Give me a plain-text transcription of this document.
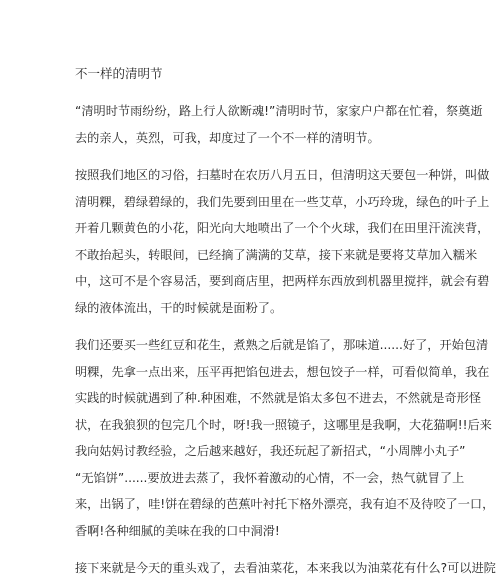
不一样的清明节
“清明时节雨纷纷，路上行人欲断魂!”清明时节，家家户户都在忙着，祭奠逝
去的亲人，英烈，可我，却度过了一个不一样的清明节。
按照我们地区的习俗，扫墓时在农历八月五日，但清明这天要包一种饼，叫做
清明粿，碧绿碧绿的，我们先要到田里在一些艾草，小巧玲珑，绿色的叶子上
开着几颗黄色的小花，阳光向大地喷出了一个个火球，我们在田里汗流浃背，
不敢抬起头，转眼间，已经摘了满满的艾草，接下来就是要将艾草加入糯米
中，这可不是个容易活，要到商店里，把两样东西放到机器里搅拌，就会有碧
绿的液体流出，干的时候就是面粉了。
我们还要买一些红豆和花生，煮熟之后就是馅了，那味道......好了，开始包清
明粿，先拿一点出来，压平再把馅包进去，想包饺子一样，可看似简单，我在
实践的时候就遇到了种.种困难，不然就是馅太多包不进去，不然就是奇形怪
状，在我狼狈的包完几个时，呀!我一照镜子，这哪里是我啊，大花猫啊!!后来
我向姑妈讨教经验，之后越来越好，我还玩起了新招式，“小周牌小丸子”
“无馅饼”......要放进去蒸了，我怀着激动的心情，不一会，热气就冒了上
来，出锅了，哇!饼在碧绿的芭蕉叶衬托下格外漂亮，我有迫不及待咬了一口，
香啊!各种细腻的美味在我的口中洞滑!
接下来就是今天的重头戏了，去看油菜花，本来我以为油菜花有什么?可以进院
